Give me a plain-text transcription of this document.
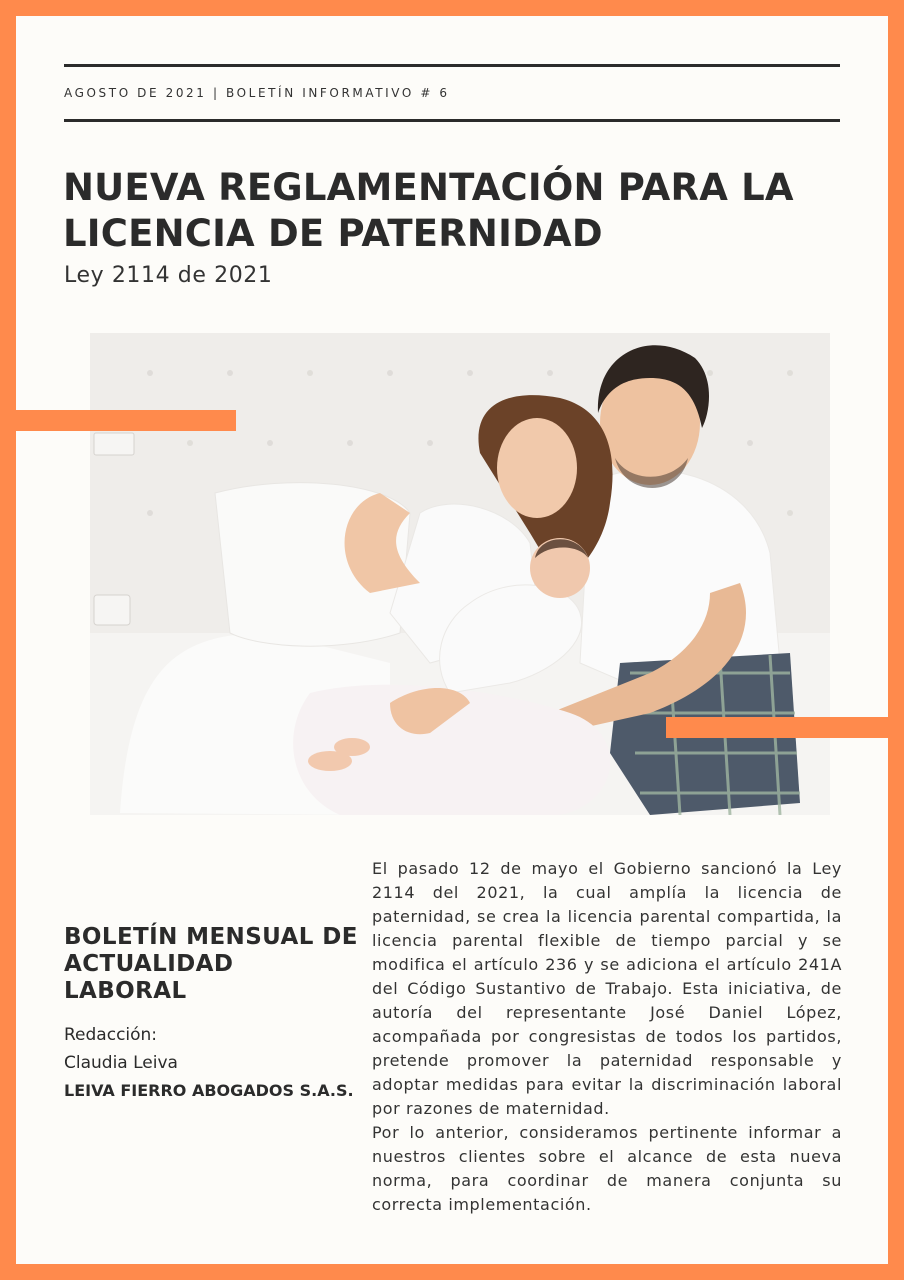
AGOSTO DE 2021 | BOLETÍN INFORMATIVO # 6
NUEVA REGLAMENTACIÓN PARA LA LICENCIA DE PATERNIDAD
Ley 2114 de 2021
BOLETÍN MENSUAL DE ACTUALIDAD LABORAL
Redacción:
Claudia Leiva
LEIVA FIERRO ABOGADOS S.A.S.

El pasado 12 de mayo el Gobierno sancionó la Ley 2114 del 2021, la cual amplía la licencia de paternidad, se crea la licencia parental compartida, la licencia parental flexible de tiempo parcial y se modifica el artículo 236 y se adiciona el artículo 241A del Código Sustantivo de Trabajo. Esta iniciativa, de autoría del representante José Daniel López, acompañada por congresistas de todos los partidos, pretende promover la paternidad responsable y adoptar medidas para evitar la discriminación laboral por razones de maternidad.

Por lo anterior, consideramos pertinente informar a nuestros clientes sobre el alcance de esta nueva norma, para coordinar de manera conjunta su correcta implementación.
